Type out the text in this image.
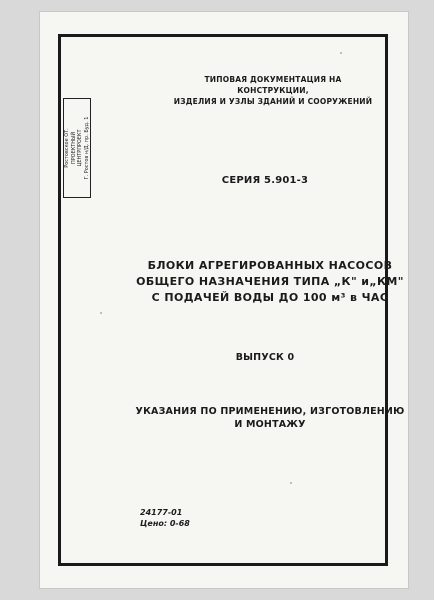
Ростовское ОТ.
ПРОЕКТНЫЙ
ЦЕНТРПРОЕКТ
Г. Ростов н/Д. пр. Буд. 1
ТИПОВАЯ ДОКУМЕНТАЦИЯ НА КОНСТРУКЦИИ,
ИЗДЕЛИЯ И УЗЛЫ ЗДАНИЙ И СООРУЖЕНИЙ
СЕРИЯ 5.901-3
БЛОКИ АГРЕГИРОВАННЫХ НАСОСОВ
ОБЩЕГО НАЗНАЧЕНИЯ ТИПА „К" и„КМ"
С ПОДАЧЕЙ ВОДЫ ДО 100 м³ в ЧАС
ВЫПУСК 0
УКАЗАНИЯ ПО ПРИМЕНЕНИЮ, ИЗГОТОВЛЕНИЮ
И МОНТАЖУ
24177-01
Цено: 0-68
